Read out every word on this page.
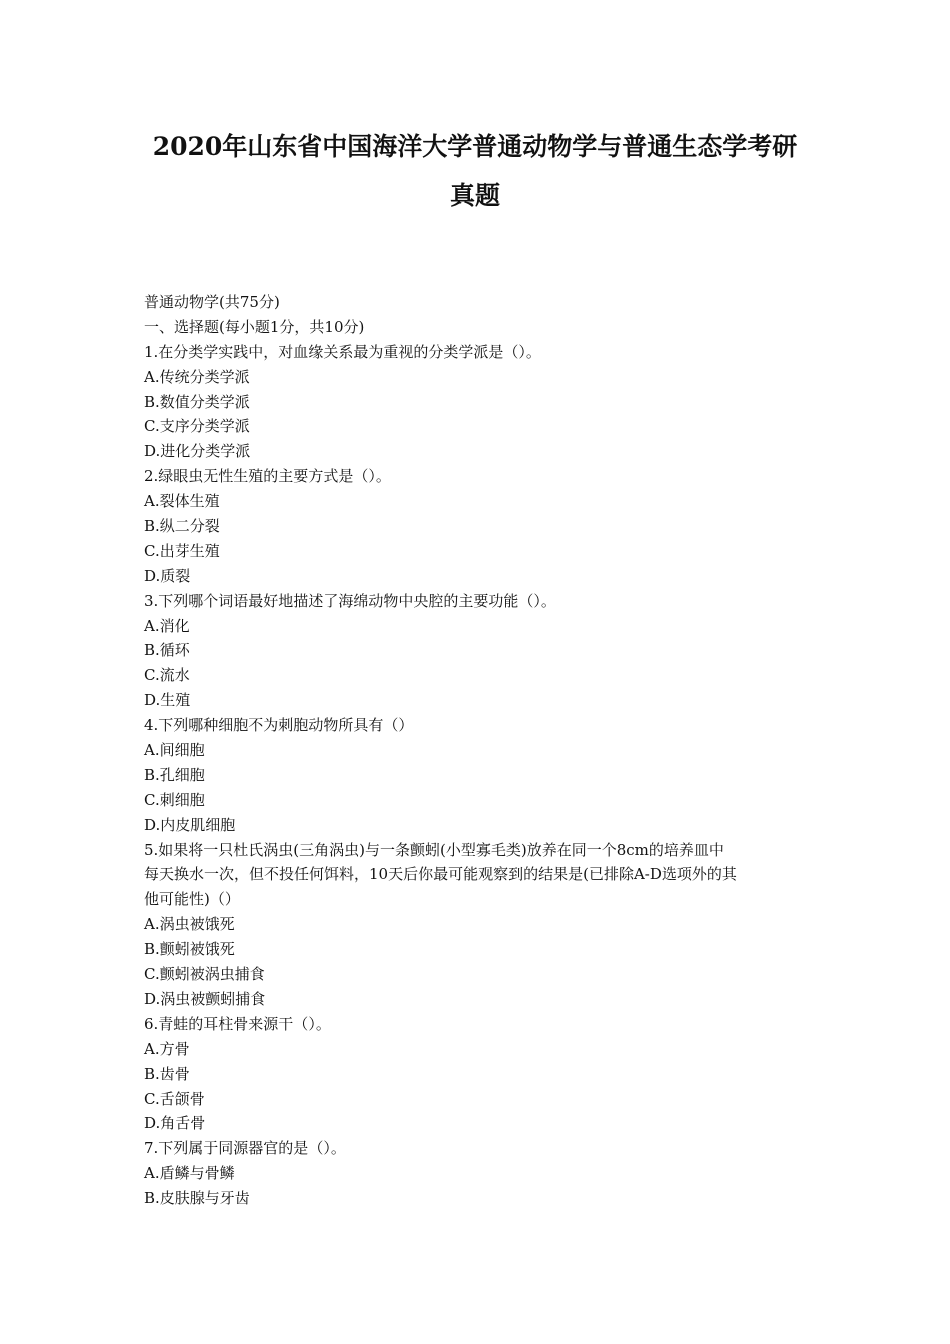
2020年山东省中国海洋大学普通动物学与普通生态学考研
真题
普通动物学(共75分)
一、选择题(每小题1分，共10分)
1.在分类学实践中，对血缘关系最为重视的分类学派是（）。
A.传统分类学派
B.数值分类学派
C.支序分类学派
D.进化分类学派
2.绿眼虫无性生殖的主要方式是（）。
A.裂体生殖
B.纵二分裂
C.出芽生殖
D.质裂
3.下列哪个词语最好地描述了海绵动物中央腔的主要功能（）。
A.消化
B.循环
C.流水
D.生殖
4.下列哪种细胞不为刺胞动物所具有（）
A.间细胞
B.孔细胞
C.刺细胞
D.内皮肌细胞
5.如果将一只杜氏涡虫(三角涡虫)与一条颤蚓(小型寡毛类)放养在同一个8cm的培养皿中
每天换水一次，但不投任何饵料，10天后你最可能观察到的结果是(已排除A-D选项外的其
他可能性)（）
A.涡虫被饿死
B.颤蚓被饿死
C.颤蚓被涡虫捕食
D.涡虫被颤蚓捕食
6.青蛙的耳柱骨来源干（）。
A.方骨
B.齿骨
C.舌颌骨
D.角舌骨
7.下列属于同源器官的是（）。
A.盾鳞与骨鳞
B.皮肤腺与牙齿
